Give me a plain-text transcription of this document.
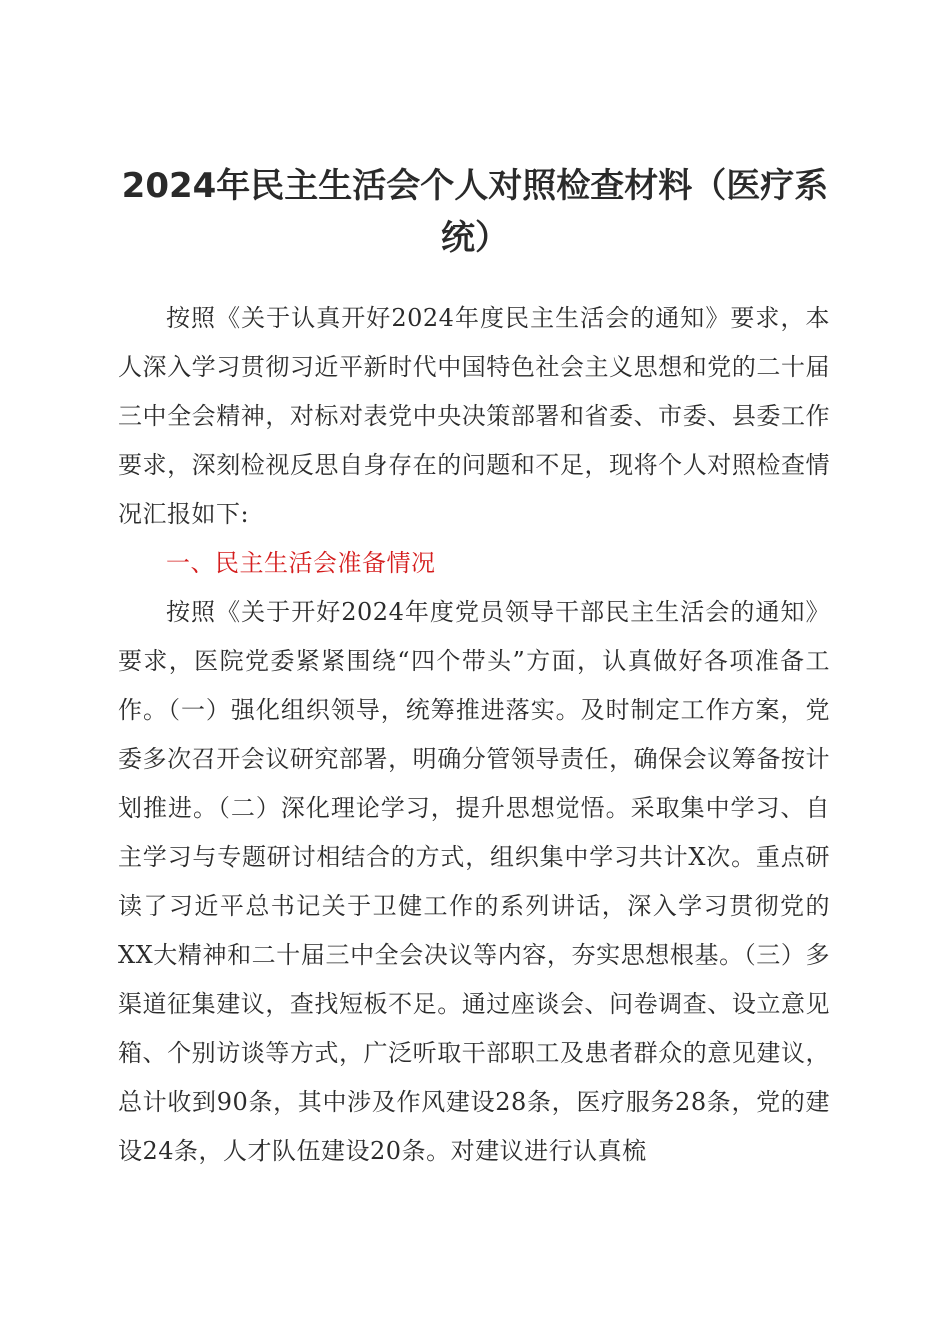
2024年民主生活会个人对照检查材料（医疗系统）

按照《关于认真开好2024年度民主生活会的通知》要求，本人深入学习贯彻习近平新时代中国特色社会主义思想和党的二十届三中全会精神，对标对表党中央决策部署和省委、市委、县委工作要求，深刻检视反思自身存在的问题和不足，现将个人对照检查情况汇报如下:

一、民主生活会准备情况

按照《关于开好2024年度党员领导干部民主生活会的通知》要求，医院党委紧紧围绕“四个带头”方面，认真做好各项准备工作。（一）强化组织领导，统筹推进落实。及时制定工作方案，党委多次召开会议研究部署，明确分管领导责任，确保会议筹备按计划推进。（二）深化理论学习，提升思想觉悟。采取集中学习、自主学习与专题研讨相结合的方式，组织集中学习共计X次。重点研读了习近平总书记关于卫健工作的系列讲话，深入学习贯彻党的XX大精神和二十届三中全会决议等内容，夯实思想根基。（三）多渠道征集建议，查找短板不足。通过座谈会、问卷调查、设立意见箱、个别访谈等方式，广泛听取干部职工及患者群众的意见建议，总计收到90条，其中涉及作风建设28条，医疗服务28条，党的建设24条，人才队伍建设20条。对建议进行认真梳
